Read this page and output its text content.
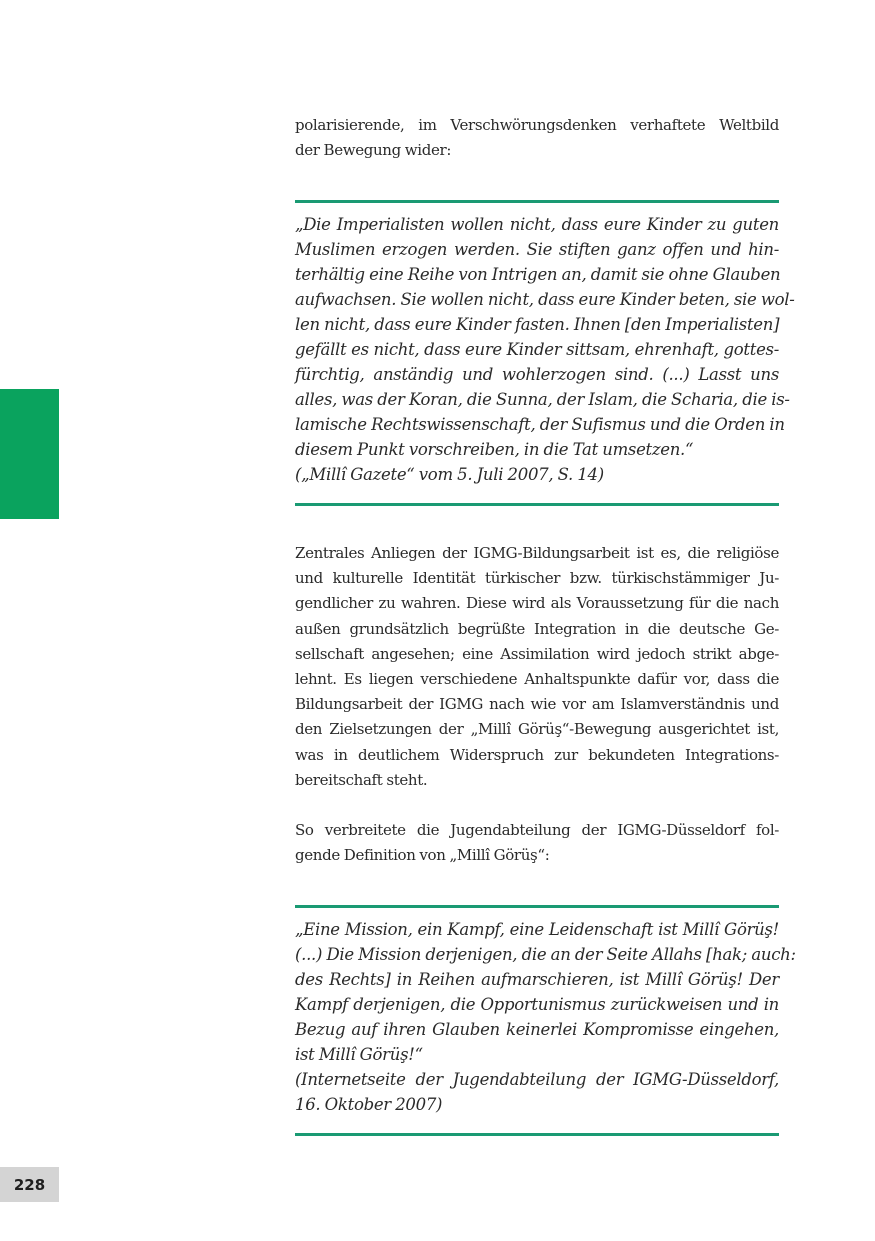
228

polarisierende, im Verschwörungsdenken verhaftete Weltbild
der Bewegung wider:

„Die Imperialisten wollen nicht, dass eure Kinder zu guten
Muslimen erzogen werden. Sie stiften ganz offen und hin-
terhältig eine Reihe von Intrigen an, damit sie ohne Glauben
aufwachsen. Sie wollen nicht, dass eure Kinder beten, sie wol-
len nicht, dass eure Kinder fasten. Ihnen [den Imperialisten]
gefällt es nicht, dass eure Kinder sittsam, ehrenhaft, gottes-
fürchtig, anständig und wohlerzogen sind. (...) Lasst uns
alles, was der Koran, die Sunna, der Islam, die Scharia, die is-
lamische Rechtswissenschaft, der Sufismus und die Orden in
diesem Punkt vorschreiben, in die Tat umsetzen.“
(„Millî Gazete“ vom 5. Juli 2007, S. 14)

Zentrales Anliegen der IGMG-Bildungsarbeit ist es, die religiöse
und kulturelle Identität türkischer bzw. türkischstämmiger Ju-
gendlicher zu wahren. Diese wird als Voraussetzung für die nach
außen grundsätzlich begrüßte Integration in die deutsche Ge-
sellschaft angesehen; eine Assimilation wird jedoch strikt abge-
lehnt. Es liegen verschiedene Anhaltspunkte dafür vor, dass die
Bildungsarbeit der IGMG nach wie vor am Islamverständnis und
den Zielsetzungen der „Millî Görüş“-Bewegung ausgerichtet ist,
was in deutlichem Widerspruch zur bekundeten Integrations-
bereitschaft steht.

So verbreitete die Jugendabteilung der IGMG-Düsseldorf fol-
gende Definition von „Millî Görüş“:

„Eine Mission, ein Kampf, eine Leidenschaft ist Millî Görüş!
(...) Die Mission derjenigen, die an der Seite Allahs [hak; auch:
des Rechts] in Reihen aufmarschieren, ist Millî Görüş! Der
Kampf derjenigen, die Opportunismus zurückweisen und in
Bezug auf ihren Glauben keinerlei Kompromisse eingehen,
ist Millî Görüş!“
(Internetseite der Jugendabteilung der IGMG-Düsseldorf,
16. Oktober 2007)
